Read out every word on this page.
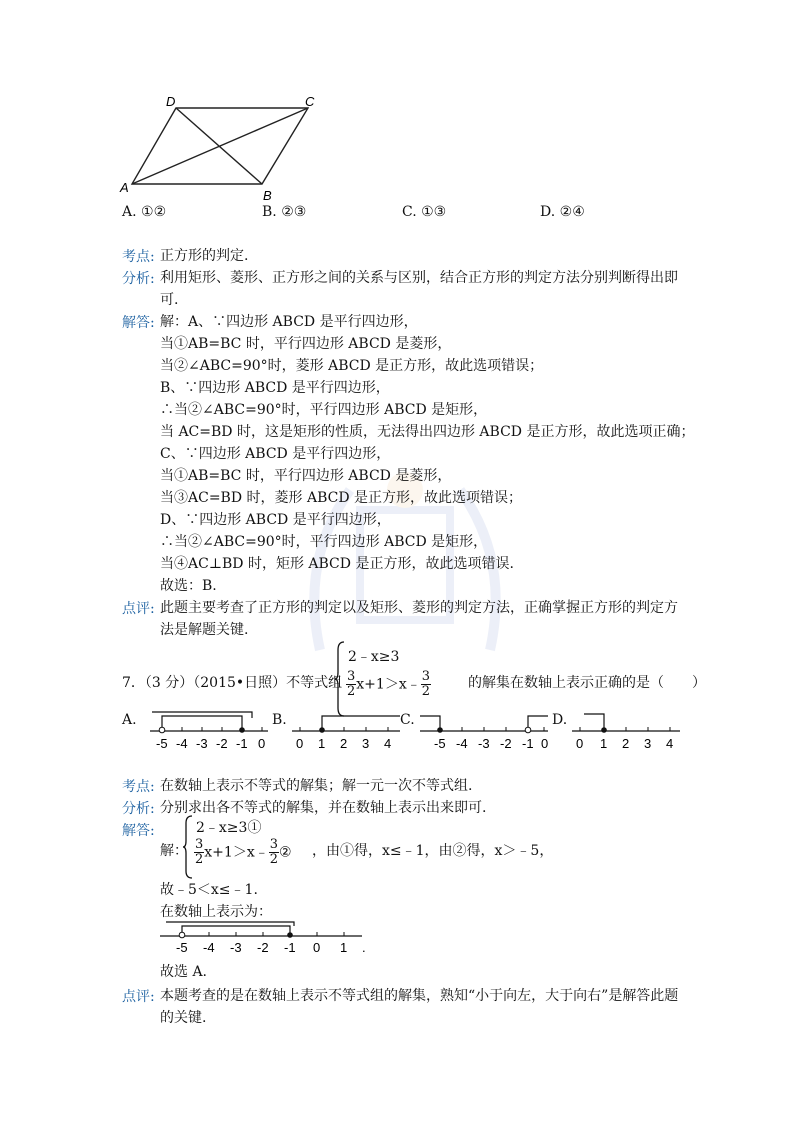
A
B
C
D
A. ①②	B. ②③	C. ①③	D. ②④
考点: 正方形的判定.
分析: 利用矩形、菱形、正方形之间的关系与区别，结合正方形的判定方法分别判断得出即
可.
解答: 解：A、∵四边形 ABCD 是平行四边形，
当①AB=BC 时，平行四边形 ABCD 是菱形，
当②∠ABC=90°时，菱形 ABCD 是正方形，故此选项错误；
B、∵四边形 ABCD 是平行四边形，
∴当②∠ABC=90°时，平行四边形 ABCD 是矩形，
当 AC=BD 时，这是矩形的性质，无法得出四边形 ABCD 是正方形，故此选项正确；
C、∵四边形 ABCD 是平行四边形，
当①AB=BC 时，平行四边形 ABCD 是菱形，
当③AC=BD 时，菱形 ABCD 是正方形，故此选项错误；
D、∵四边形 ABCD 是平行四边形，
∴当②∠ABC=90°时，平行四边形 ABCD 是矩形，
当④AC⊥BD 时，矩形 ABCD 是正方形，故此选项错误.
故选：B.
点评: 此题主要考查了正方形的判定以及矩形、菱形的判定方法，正确掌握正方形的判定方
法是解题关键.
7．（3 分）（2015•日照）不等式组
2﹣x≥3
$\frac{3}{2}$ x+1＞x﹣ $\frac{3}{2}$	的解集在数轴上表示正确的是（　　）
A.	B.	C.	D.
-5 -4 -3 -2 -1 0 0 1 2 3 4	-5 -4 -3 -2 -1 0 0 1 2 3 4
考点: 在数轴上表示不等式的解集；解一元一次不等式组.
分析: 分别求出各不等式的解集，并在数轴上表示出来即可.
解答:
解：
2﹣x≥3①
$\frac{3}{2}$ x+1＞x﹣ $\frac{3}{2}$ ② ，由①得，x≤﹣1，由②得，x＞﹣5，
故﹣5＜x≤﹣1.
在数轴上表示为：
-5 -4 -3 -2 -1 0 1 .
故选 A.
点评: 本题考查的是在数轴上表示不等式组的解集，熟知“小于向左，大于向右”是解答此题
的关键.
